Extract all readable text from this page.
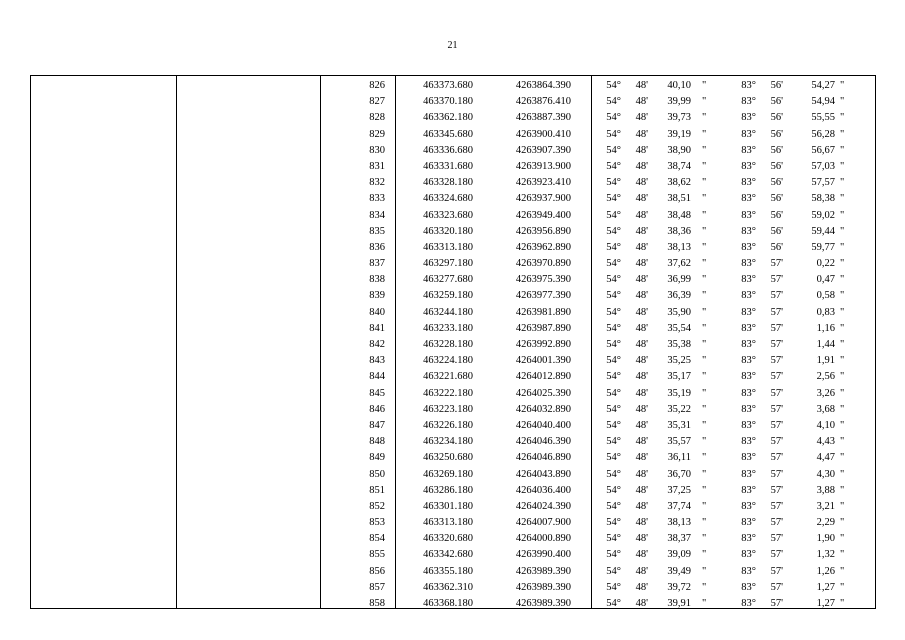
21
826	463373.680	4263864.390	54°	48'	40,10 "	83°	56'	54,27 "
827	463370.180	4263876.410	54°	48'	39,99 "	83°	56'	54,94 "
828	463362.180	4263887.390	54°	48'	39,73 "	83°	56'	55,55 "
829	463345.680	4263900.410	54°	48'	39,19 "	83°	56'	56,28 "
830	463336.680	4263907.390	54°	48'	38,90 "	83°	56'	56,67 "
831	463331.680	4263913.900	54°	48'	38,74 "	83°	56'	57,03 "
832	463328.180	4263923.410	54°	48'	38,62 "	83°	56'	57,57 "
833	463324.680	4263937.900	54°	48'	38,51 "	83°	56'	58,38 "
834	463323.680	4263949.400	54°	48'	38,48 "	83°	56'	59,02 "
835	463320.180	4263956.890	54°	48'	38,36 "	83°	56'	59,44 "
836	463313.180	4263962.890	54°	48'	38,13 "	83°	56'	59,77 "
837	463297.180	4263970.890	54°	48'	37,62 "	83°	57'	0,22 "
838	463277.680	4263975.390	54°	48'	36,99 "	83°	57'	0,47 "
839	463259.180	4263977.390	54°	48'	36,39 "	83°	57'	0,58 "
840	463244.180	4263981.890	54°	48'	35,90 "	83°	57'	0,83 "
841	463233.180	4263987.890	54°	48'	35,54 "	83°	57'	1,16 "
842	463228.180	4263992.890	54°	48'	35,38 "	83°	57'	1,44 "
843	463224.180	4264001.390	54°	48'	35,25 "	83°	57'	1,91 "
844	463221.680	4264012.890	54°	48'	35,17 "	83°	57'	2,56 "
845	463222.180	4264025.390	54°	48'	35,19 "	83°	57'	3,26 "
846	463223.180	4264032.890	54°	48'	35,22 "	83°	57'	3,68 "
847	463226.180	4264040.400	54°	48'	35,31 "	83°	57'	4,10 "
848	463234.180	4264046.390	54°	48'	35,57 "	83°	57'	4,43 "
849	463250.680	4264046.890	54°	48'	36,11 "	83°	57'	4,47 "
850	463269.180	4264043.890	54°	48'	36,70 "	83°	57'	4,30 "
851	463286.180	4264036.400	54°	48'	37,25 "	83°	57'	3,88 "
852	463301.180	4264024.390	54°	48'	37,74 "	83°	57'	3,21 "
853	463313.180	4264007.900	54°	48'	38,13 "	83°	57'	2,29 "
854	463320.680	4264000.890	54°	48'	38,37 "	83°	57'	1,90 "
855	463342.680	4263990.400	54°	48'	39,09 "	83°	57'	1,32 "
856	463355.180	4263989.390	54°	48'	39,49 "	83°	57'	1,26 "
857	463362.310	4263989.390	54°	48'	39,72 "	83°	57'	1,27 "
858	463368.180	4263989.390	54°	48'	39,91 "	83°	57'	1,27 "
